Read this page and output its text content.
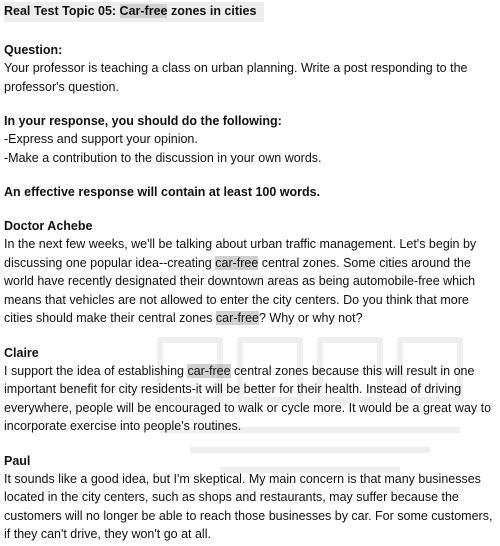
Real Test Topic 05: Car-free zones in cities
Question:

Your professor is teaching a class on urban planning. Write a post responding to the professor's question.

In your response, you should do the following:

-Express and support your opinion.

-Make a contribution to the discussion in your own words.

An effective response will contain at least 100 words.
Doctor Achebe

In the next few weeks, we'll be talking about urban traffic management. Let's begin by discussing one popular idea--creating car-free central zones. Some cities around the world have recently designated their downtown areas as being automobile-free which means that vehicles are not allowed to enter the city centers. Do you think that more cities should make their central zones car-free? Why or why not?

Claire

I support the idea of establishing car-free central zones because this will result in one important benefit for city residents-it will be better for their health. Instead of driving everywhere, people will be encouraged to walk or cycle more. It would be a great way to incorporate exercise into people's routines.

Paul

It sounds like a good idea, but I'm skeptical. My main concern is that many businesses located in the city centers, such as shops and restaurants, may suffer because the customers will no longer be able to reach those businesses by car. For some customers, if they can't drive, they won't go at all.
